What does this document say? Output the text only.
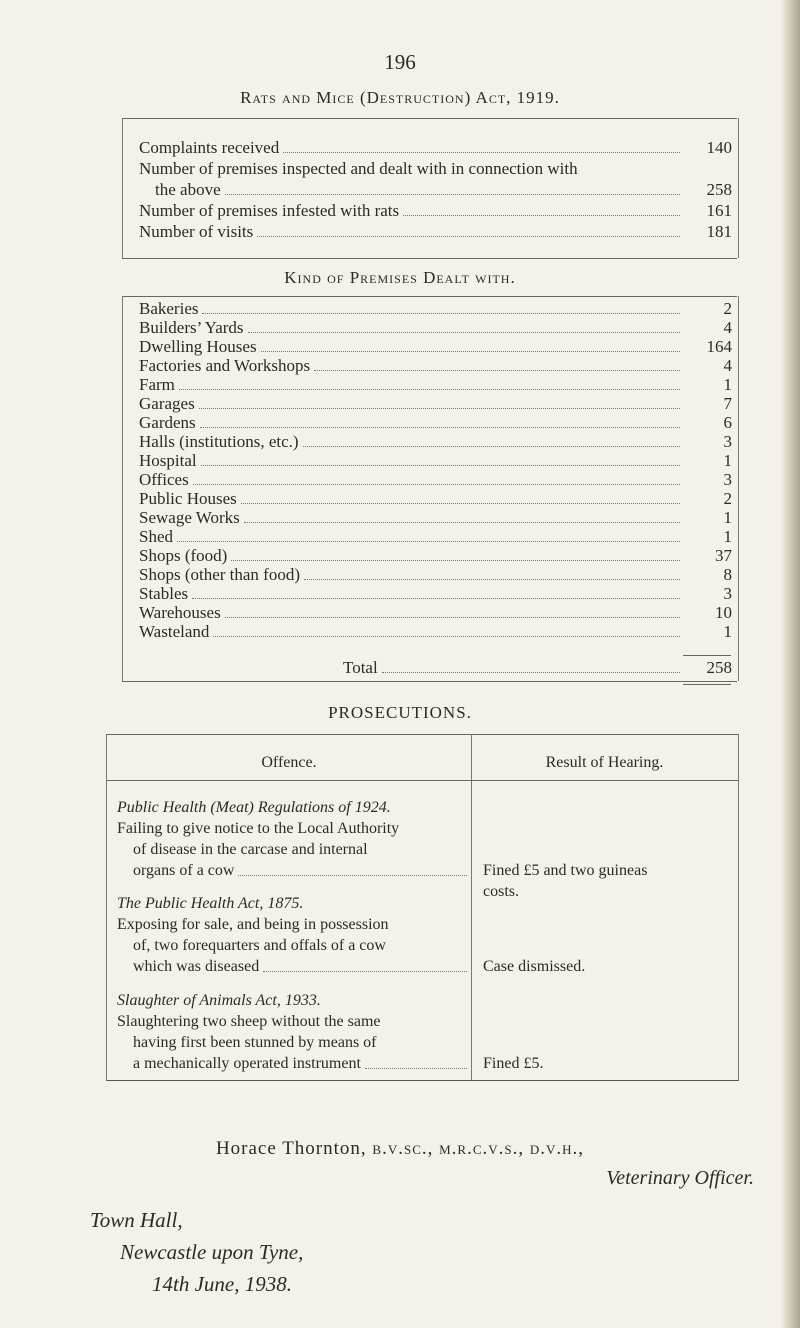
196
Rats and Mice (Destruction) Act, 1919.
Complaints received	140
Number of premises inspected and dealt with in connection with
the above	258
Number of premises infested with rats	161
Number of visits	181
Kind of Premises Dealt with.
Bakeries	2
Builders’ Yards	4
Dwelling Houses	164
Factories and Workshops	4
Farm	1
Garages	7
Gardens	6
Halls (institutions, etc.)	3
Hospital	1
Offices	3
Public Houses	2
Sewage Works	1
Shed	1
Shops (food)	37
Shops (other than food)	8
Stables	3
Warehouses	10
Wasteland	1
Total	258
PROSECUTIONS.
Offence.	Result of Hearing.
Public Health (Meat) Regulations of 1924.
Failing to give notice to the Local Authority
of disease in the carcase and internal
organs of a cow	Fined £5 and two guineas
costs.
The Public Health Act, 1875.
Exposing for sale, and being in possession
of, two forequarters and offals of a cow
which was diseased	Case dismissed.
Slaughter of Animals Act, 1933.
Slaughtering two sheep without the same
having first been stunned by means of
a mechanically operated instrument	Fined £5.
Horace Thornton, b.v.sc., m.r.c.v.s., d.v.h.,
Veterinary Officer.
Town Hall,
Newcastle upon Tyne,
14th June, 1938.
